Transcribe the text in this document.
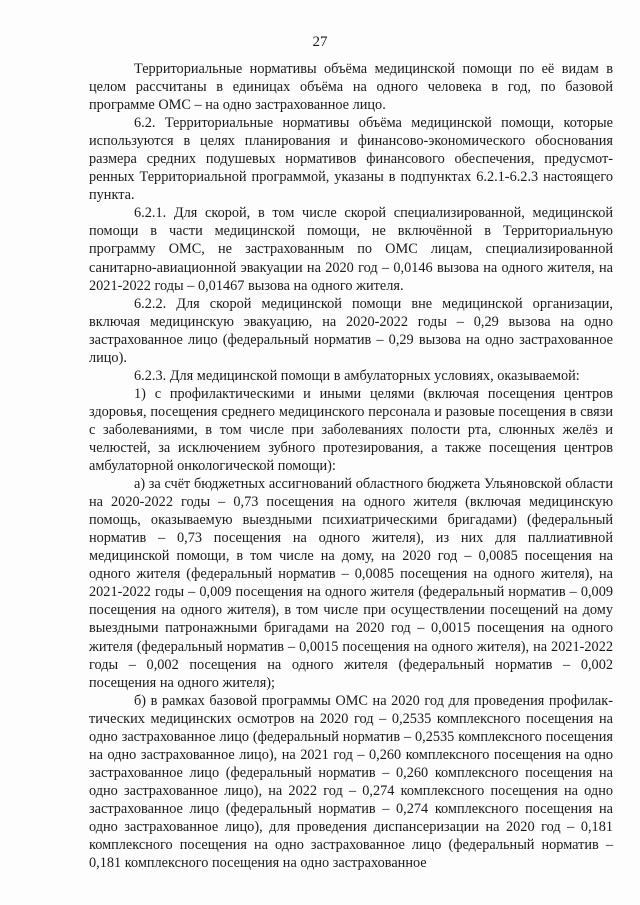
27

Территориальные нормативы объёма медицинской помощи по её видам в целом рассчитаны в единицах объёма на одного человека в год, по базовой программе ОМС – на одно застрахованное лицо.

6.2. Территориальные нормативы объёма медицинской помощи, которые используются в целях планирования и финансово-экономического обоснования размера средних подушевых нормативов финансового обеспечения, предусмотренных Территориальной программой, указаны в подпунктах 6.2.1-6.2.3 настоящего пункта.

6.2.1. Для скорой, в том числе скорой специализированной, медицинской помощи в части медицинской помощи, не включённой в Территориальную программу ОМС, не застрахованным по ОМС лицам, специализированной санитарно-авиационной эвакуации на 2020 год – 0,0146 вызова на одного жителя, на 2021-2022 годы – 0,01467 вызова на одного жителя.

6.2.2. Для скорой медицинской помощи вне медицинской организации, включая медицинскую эвакуацию, на 2020-2022 годы – 0,29 вызова на одно застрахованное лицо (федеральный норматив – 0,29 вызова на одно застрахованное лицо).

6.2.3. Для медицинской помощи в амбулаторных условиях, оказываемой:

1) с профилактическими и иными целями (включая посещения центров здоровья, посещения среднего медицинского персонала и разовые посещения в связи с заболеваниями, в том числе при заболеваниях полости рта, слюнных желёз и челюстей, за исключением зубного протезирования, а также посещения центров амбулаторной онкологической помощи):

а) за счёт бюджетных ассигнований областного бюджета Ульяновской области на 2020-2022 годы – 0,73 посещения на одного жителя (включая медицинскую помощь, оказываемую выездными психиатрическими бригадами) (федеральный норматив – 0,73 посещения на одного жителя), из них для паллиативной медицинской помощи, в том числе на дому, на 2020 год – 0,0085 посещения на одного жителя (федеральный норматив – 0,0085 посещения на одного жителя), на 2021-2022 годы – 0,009 посещения на одного жителя (федеральный норматив – 0,009 посещения на одного жителя), в том числе при осуществлении посещений на дому выездными патронажными бригадами на 2020 год – 0,0015 посещения на одного жителя (федеральный норматив – 0,0015 посещения на одного жителя), на 2021-2022 годы – 0,002 посещения на одного жителя (федеральный норматив – 0,002 посещения на одного жителя);

б) в рамках базовой программы ОМС на 2020 год для проведения профилактических медицинских осмотров на 2020 год – 0,2535 комплексного посещения на одно застрахованное лицо (федеральный норматив – 0,2535 комплексного посещения на одно застрахованное лицо), на 2021 год – 0,260 комплексного посещения на одно застрахованное лицо (федеральный норматив – 0,260 комплексного посещения на одно застрахованное лицо), на 2022 год – 0,274 комплексного посещения на одно застрахованное лицо (федеральный норматив – 0,274 комплексного посещения на одно застрахованное лицо), для проведения диспансеризации на 2020 год – 0,181 комплексного посещения на одно застрахованное лицо (федеральный норматив – 0,181 комплексного посещения на одно застрахованное
